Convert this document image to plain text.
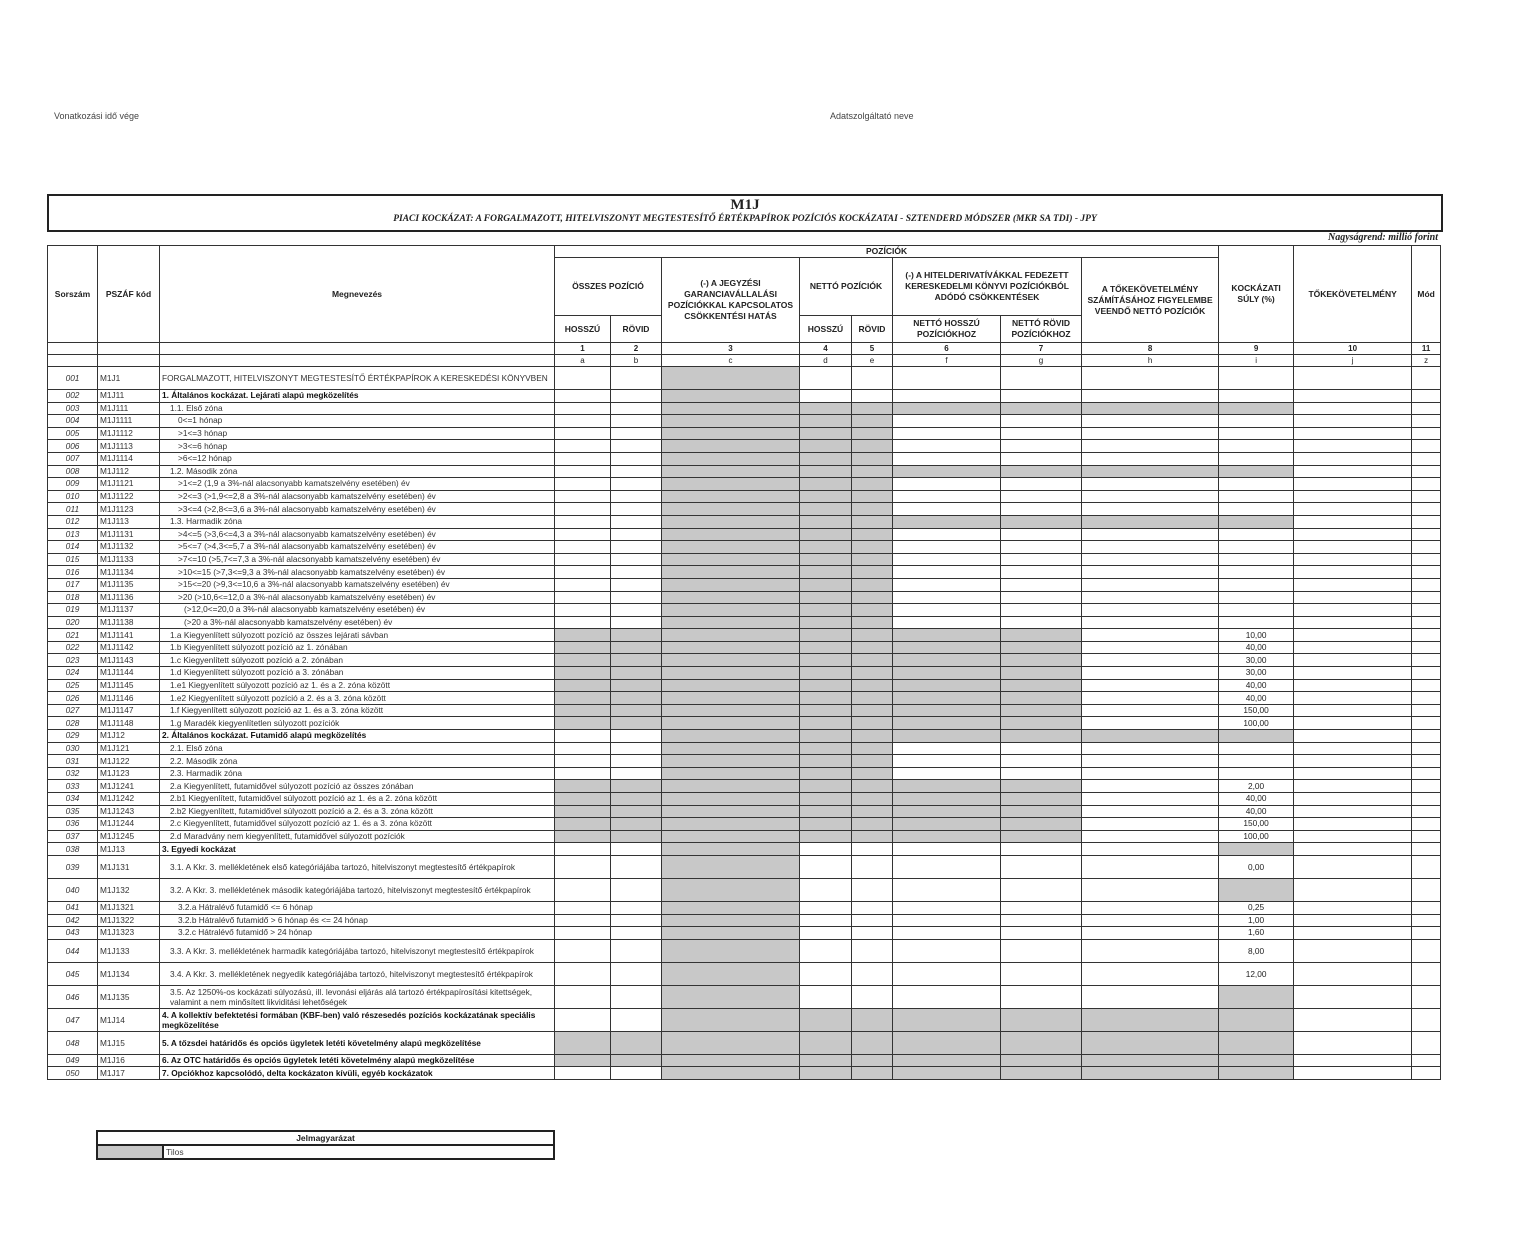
Vonatkozási idő vége	Adatszolgáltató neve
M1J
PIACI KOCKÁZAT: A FORGALMAZOTT, HITELVISZONYT MEGTESTESÍTŐ ÉRTÉKPAPÍROK POZÍCIÓS KOCKÁZATAI - SZTENDERD MÓDSZER (MKR SA TDI) - JPY
Nagyságrend: millió forint
Sorszám	PSZÁF kód	Megnevezés	POZÍCIÓK								KOCKÁZATI SÚLY (%)	TŐKEKÖVETELMÉNY	Mód
			ÖSSZES POZÍCIÓ		(-) A JEGYZÉSI GARANCIAVÁLLALÁSI POZÍCIÓKKAL KAPCSOLATOS CSÖKKENTÉSI HATÁS	NETTÓ POZÍCIÓK		(-) A HITELDERIVATÍVÁKKAL FEDEZETT KERESKEDELMI KÖNYVI POZÍCIÓKBÓL ADÓDÓ CSÖKKENTÉSEK		A TŐKEKÖVETELMÉNY SZÁMÍTÁSÁHOZ FIGYELEMBE VEENDŐ NETTÓ POZÍCIÓK			
			HOSSZÚ	RÖVID		HOSSZÚ	RÖVID	NETTÓ HOSSZÚ POZÍCIÓKHOZ	NETTÓ RÖVID POZÍCIÓKHOZ				
			1	2	3	4	5	6	7	8	9	10	11
			a	b	c	d	e	f	g	h	i	j	z
001	M1J1	FORGALMAZOTT, HITELVISZONYT MEGTESTESÍTŐ ÉRTÉKPAPÍROK A KERESKEDÉSI KÖNYVBEN											
002	M1J11	1. Általános kockázat. Lejárati alapú megközelítés											
003	M1J111	1.1. Első zóna											
004	M1J1111	0<=1 hónap											
005	M1J1112	>1<=3 hónap											
006	M1J1113	>3<=6 hónap											
007	M1J1114	>6<=12 hónap											
008	M1J112	1.2. Második zóna											
009	M1J1121	>1<=2 (1,9 a 3%-nál alacsonyabb kamatszelvény esetében) év											
010	M1J1122	>2<=3 (>1,9<=2,8 a 3%-nál alacsonyabb kamatszelvény esetében) év											
011	M1J1123	>3<=4 (>2,8<=3,6 a 3%-nál alacsonyabb kamatszelvény esetében) év											
012	M1J113	1.3. Harmadik zóna											
013	M1J1131	>4<=5 (>3,6<=4,3 a 3%-nál alacsonyabb kamatszelvény esetében) év											
014	M1J1132	>5<=7 (>4,3<=5,7 a 3%-nál alacsonyabb kamatszelvény esetében) év											
015	M1J1133	>7<=10 (>5,7<=7,3 a 3%-nál alacsonyabb kamatszelvény esetében) év											
016	M1J1134	>10<=15 (>7,3<=9,3 a 3%-nál alacsonyabb kamatszelvény esetében) év											
017	M1J1135	>15<=20 (>9,3<=10,6 a 3%-nál alacsonyabb kamatszelvény esetében) év											
018	M1J1136	>20 (>10,6<=12,0 a 3%-nál alacsonyabb kamatszelvény esetében) év											
019	M1J1137	(>12,0<=20,0 a 3%-nál alacsonyabb kamatszelvény esetében) év											
020	M1J1138	(>20 a 3%-nál alacsonyabb kamatszelvény esetében) év											
021	M1J1141	1.a Kiegyenlített súlyozott pozíció az összes lejárati sávban									10,00		
022	M1J1142	1.b Kiegyenlített súlyozott pozíció az 1. zónában									40,00		
023	M1J1143	1.c Kiegyenlített súlyozott pozíció a 2. zónában									30,00		
024	M1J1144	1.d Kiegyenlített súlyozott pozíció a 3. zónában									30,00		
025	M1J1145	1.e1 Kiegyenlített súlyozott pozíció az 1. és a 2. zóna között									40,00		
026	M1J1146	1.e2 Kiegyenlített súlyozott pozíció a 2. és a 3. zóna között									40,00		
027	M1J1147	1.f Kiegyenlített súlyozott pozíció az 1. és a 3. zóna között									150,00		
028	M1J1148	1.g Maradék kiegyenlítetlen súlyozott pozíciók									100,00		
029	M1J12	2. Általános kockázat. Futamidő alapú megközelítés											
030	M1J121	2.1. Első zóna											
031	M1J122	2.2. Második zóna											
032	M1J123	2.3. Harmadik zóna											
033	M1J1241	2.a Kiegyenlített, futamidővel súlyozott pozíció az összes zónában									2,00		
034	M1J1242	2.b1 Kiegyenlített, futamidővel súlyozott pozíció az 1. és a 2. zóna között									40,00		
035	M1J1243	2.b2 Kiegyenlített, futamidővel súlyozott pozíció a 2. és a 3. zóna között									40,00		
036	M1J1244	2.c Kiegyenlített, futamidővel súlyozott pozíció az 1. és a 3. zóna között									150,00		
037	M1J1245	2.d Maradvány nem kiegyenlített, futamidővel súlyozott pozíciók									100,00		
038	M1J13	3. Egyedi kockázat											
039	M1J131	3.1. A Kkr. 3. mellékletének első kategóriájába tartozó, hitelviszonyt megtestesítő értékpapírok									0,00		
040	M1J132	3.2. A Kkr. 3. mellékletének második kategóriájába tartozó, hitelviszonyt megtestesítő értékpapírok											
041	M1J1321	3.2.a Hátralévő futamidő <= 6 hónap									0,25		
042	M1J1322	3.2.b Hátralévő futamidő > 6 hónap és <= 24 hónap									1,00		
043	M1J1323	3.2.c Hátralévő futamidő > 24 hónap									1,60		
044	M1J133	3.3. A Kkr. 3. mellékletének harmadik kategóriájába tartozó, hitelviszonyt megtestesítő értékpapírok									8,00		
045	M1J134	3.4. A Kkr. 3. mellékletének negyedik kategóriájába tartozó, hitelviszonyt megtestesítő értékpapírok									12,00		
046	M1J135	3.5. Az 1250%-os kockázati súlyozású, ill. levonási eljárás alá tartozó értékpapírosítási kitettségek, valamint a nem minősített likviditási lehetőségek											
047	M1J14	4. A kollektív befektetési formában (KBF-ben) való részesedés pozíciós kockázatának speciális megközelítése											
048	M1J15	5. A tőzsdei határidős és opciós ügyletek letéti követelmény alapú megközelítése											
049	M1J16	6. Az OTC határidős és opciós ügyletek letéti követelmény alapú megközelítése											
050	M1J17	7. Opciókhoz kapcsolódó, delta kockázaton kívüli, egyéb kockázatok											
Jelmagyarázat
	Tilos
